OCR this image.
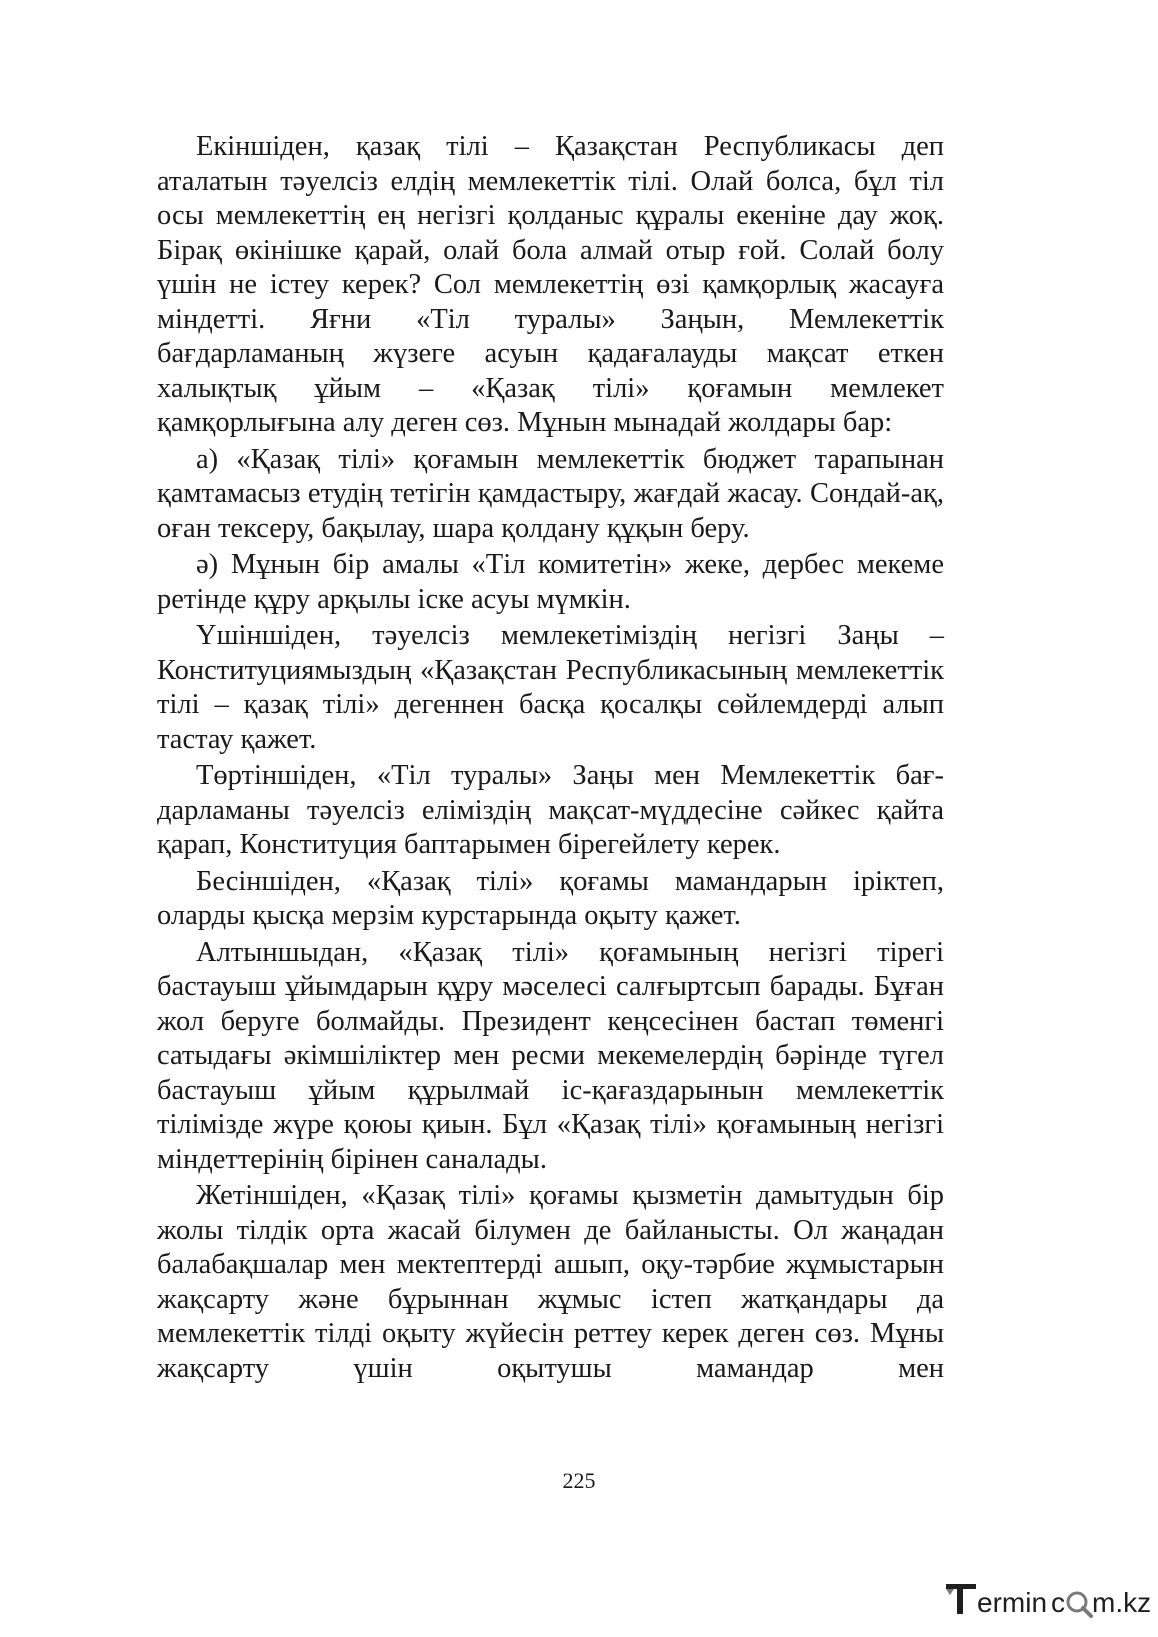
Екіншіден, қазақ тілі – Қазақстан Республикасы деп аталатын тәуелсіз елдің мемлекеттік тілі. Олай болса, бұл тіл осы мемлекеттің ең негізгі қолданыс құралы екеніне дау жоқ. Бірақ өкінішке қарай, олай бола алмай отыр ғой. Солай болу үшін не істеу керек? Сол мемлекеттің өзі қамқорлық жасауға міндетті. Яғни «Тіл туралы» Заңын, Мемлекеттік бағдарламаның жүзеге асуын қадағалауды мақсат еткен халықтық ұйым – «Қазақ тілі» қоғамын мемлекет қамқорлығына алу деген сөз. Мұнын мынадай жолдары бар:

а) «Қазақ тілі» қоғамын мемлекеттік бюджет тарапынан қамтамасыз етудің тетігін қамдастыру, жағдай жасау. Сондай-ақ, оған тексеру, бақылау, шара қолдану құқын беру.

ә) Мұнын бір амалы «Тіл комитетін» жеке, дербес мекеме ретінде құру арқылы іске асуы мүмкін.

Үшіншіден, тәуелсіз мемлекетіміздің негізгі Заңы – Конституциямыздың «Қазақстан Республикасының мемлекеттік тілі – қазақ тілі» дегеннен басқа қосалқы сөйлемдерді алып тастау қажет.

Төртіншіден, «Тіл туралы» Заңы мен Мемлекеттік бағдарламаны тәуелсіз еліміздің мақсат-мүддесіне сәйкес қайта қарап, Конституция баптарымен бірегейлету керек.

Бесіншіден, «Қазақ тілі» қоғамы мамандарын іріктеп, оларды қысқа мерзім курстарында оқыту қажет.

Алтыншыдан, «Қазақ тілі» қоғамының негізгі тірегі бастауыш ұйымдарын құру мәселесі салғыртсып барады. Бұған жол беруге болмайды. Президент кеңсесінен бастап төменгі сатыдағы әкімшіліктер мен ресми мекемелердің бәрінде түгел бастауыш ұйым құрылмай іс-қағаздарынын мемлекеттік тілімізде жүре қоюы қиын. Бұл «Қазақ тілі» қоғамының негізгі міндеттерінің бірінен саналады.

Жетіншіден, «Қазақ тілі» қоғамы қызметін дамытудын бір жолы тілдік орта жасай білумен де байланысты. Ол жаңадан балабақшалар мен мектептерді ашып, оқу-тәрбие жұмыстарын жақсарту және бұрыннан жұмыс істеп жатқандары да мемлекеттік тілді оқыту жүйесін реттеу керек деген сөз. Мұны жақсарту үшін оқытушы мамандар мен

225
ermin c m.kz
